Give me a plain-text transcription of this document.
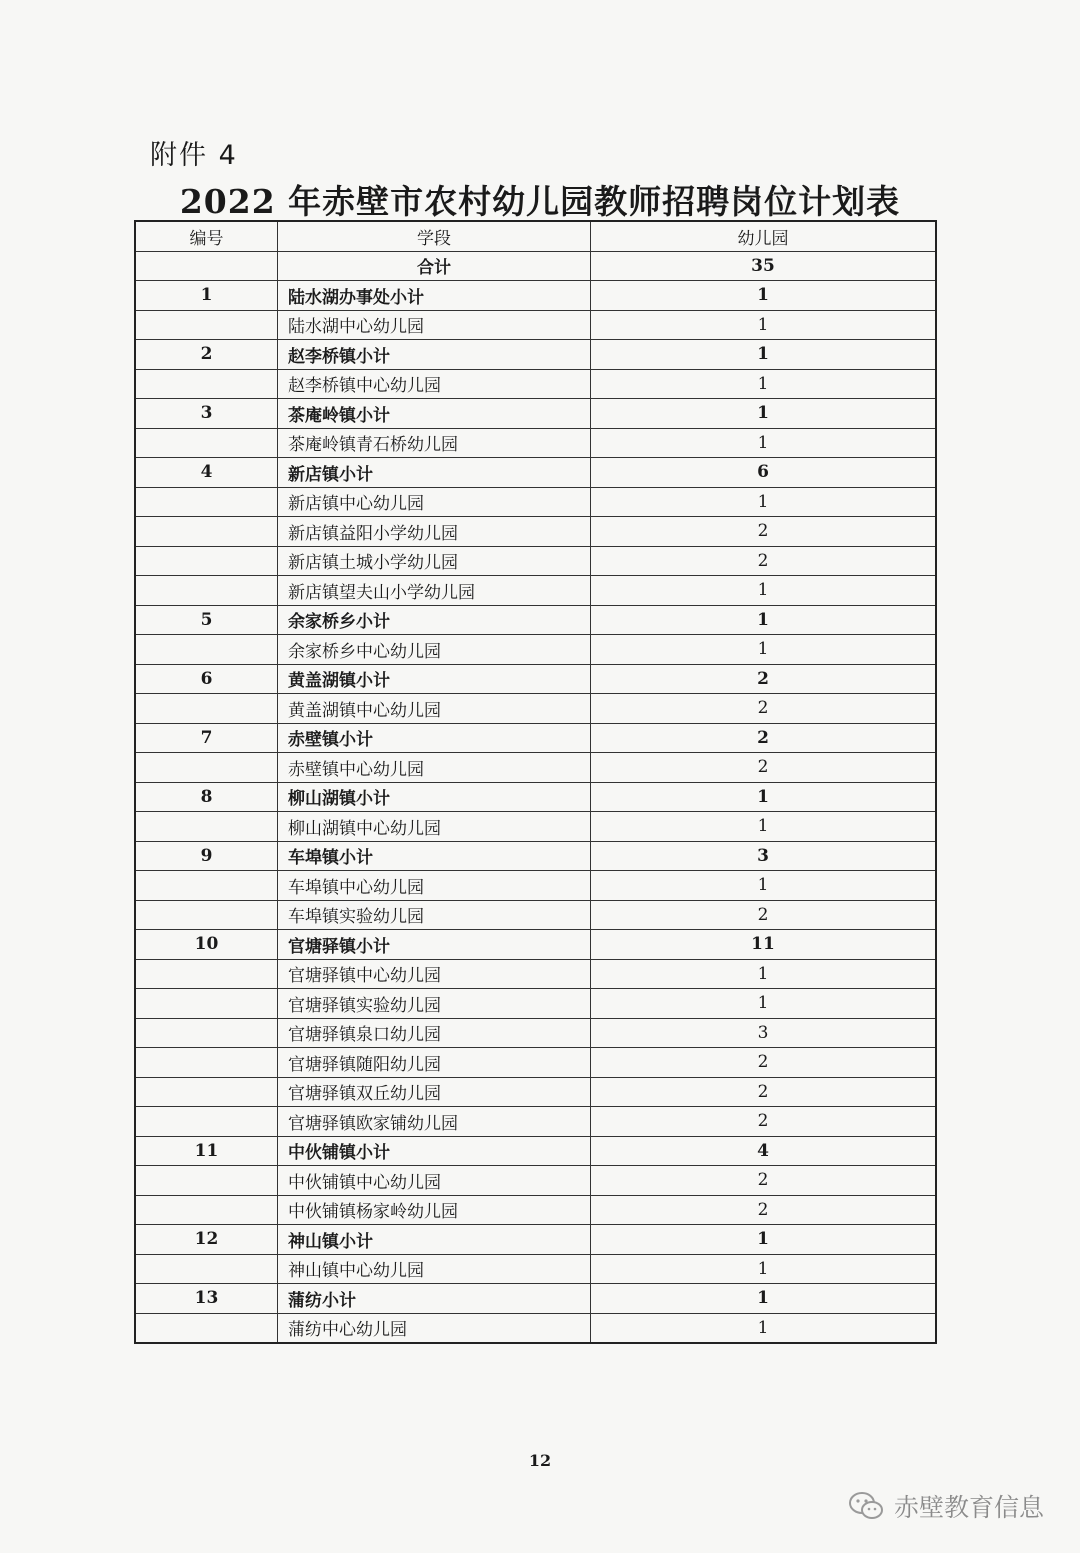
附件 4
2022 年赤壁市农村幼儿园教师招聘岗位计划表
编号	学段	幼儿园
	合计	35
1	陆水湖办事处小计	1
	陆水湖中心幼儿园	1
2	赵李桥镇小计	1
	赵李桥镇中心幼儿园	1
3	茶庵岭镇小计	1
	茶庵岭镇青石桥幼儿园	1
4	新店镇小计	6
	新店镇中心幼儿园	1
	新店镇益阳小学幼儿园	2
	新店镇土城小学幼儿园	2
	新店镇望夫山小学幼儿园	1
5	余家桥乡小计	1
	余家桥乡中心幼儿园	1
6	黄盖湖镇小计	2
	黄盖湖镇中心幼儿园	2
7	赤壁镇小计	2
	赤壁镇中心幼儿园	2
8	柳山湖镇小计	1
	柳山湖镇中心幼儿园	1
9	车埠镇小计	3
	车埠镇中心幼儿园	1
	车埠镇实验幼儿园	2
10	官塘驿镇小计	11
	官塘驿镇中心幼儿园	1
	官塘驿镇实验幼儿园	1
	官塘驿镇泉口幼儿园	3
	官塘驿镇随阳幼儿园	2
	官塘驿镇双丘幼儿园	2
	官塘驿镇欧家铺幼儿园	2
11	中伙铺镇小计	4
	中伙铺镇中心幼儿园	2
	中伙铺镇杨家岭幼儿园	2
12	神山镇小计	1
	神山镇中心幼儿园	1
13	蒲纺小计	1
	蒲纺中心幼儿园	1
12
赤壁教育信息
